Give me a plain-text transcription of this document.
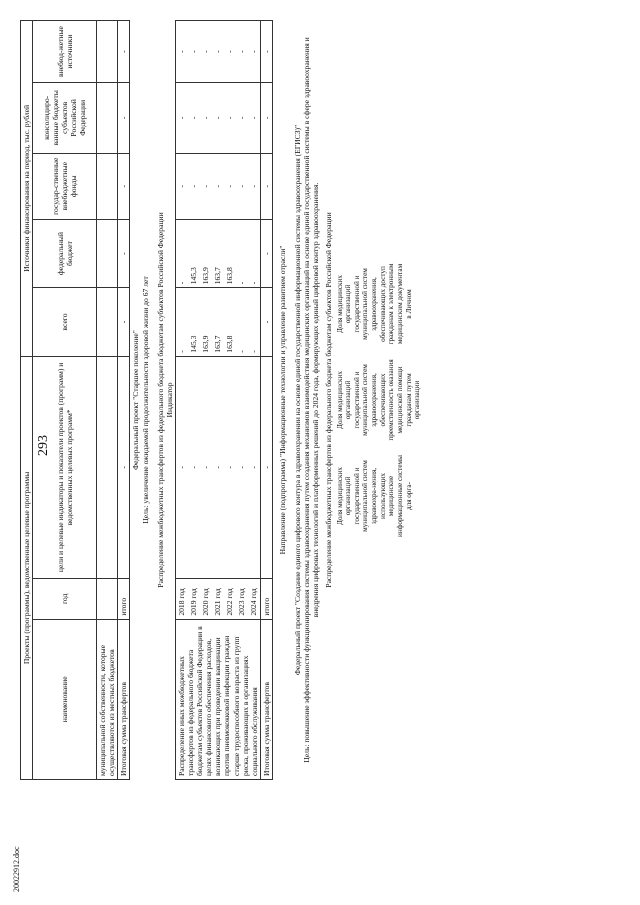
293
20022912.doc
Проекты (программы), ведомственные целевые программы	Источники финансирования на период, тыс. рублей
наименование	год	цели и целевые индикаторы и показатели проектов (программ) и ведомственных целевых программ*	всего	федеральный бюджет	государ-ственные внебюджетные фонды	консолидиро-ванные бюджеты субъектов Российской Федерации	внебюд-жетные источники
муниципальной собственности, которые осуществляются из местных бюджетов							
Итоговая сумма трансфертов	итого	-	-	-	-	-	-

Федеральный проект "Старшее поколение" Цель: увеличение ожидаемой продолжительности здоровой жизни до 67 лет Распределение межбюджетных трансфертов из федерального бюджета бюджетам субъектов Российской Федерации Индикатор

Распределение иных межбюджетных трансфертов из федерального бюджета бюджетам субъектов Российской Федерации в целях финансового обеспечения расходов, возникающих при проведении вакцинации против пневмококковой инфекции граждан старше трудоспособного возраста из групп риска, проживающих в организациях социального обслуживания	2018 год	-	-	-	-	-	-
2019 год	-	145,3	145,3	-	-	-
2020 год	-	163,9	163,9	-	-	-
2021 год	-	163,7	163,7	-	-	-
2022 год	-	163,8	163,8	-	-	-
2023 год	-	-	-	-	-	-
2024 год	-	-	-	-	-	-
Итоговая сумма трансфертов	итого	-	-	-	-	-	-

Направление (подпрограмма) "Информационные технологии и управление развитием отрасли" Федеральный проект "Создание единого цифрового контура в здравоохранении на основе единой государственной информационной системы здравоохранения (ЕГИСЗ)" Цель: повышение эффективности функционирования системы здравоохранения путем создания механизмов взаимодействия медицинских организаций на основе единой государственной системы в сфере здравоохранения и внедрения цифровых технологий и платформенных решений до 2024 года, формирующих единый цифровой контур здравоохранения. Распределение межбюджетных трансфертов из федерального бюджета бюджетам субъектов Российской Федерации Доля медицинских организаций государственной и муниципальной систем здравоохра-нения, использующих медицинские информационные системы для орга-	Доля медицинских организаций государственной и муниципальной систем здравоохранения, обеспечивающих преемственность оказания медицинской помощи гражданам путем организации	Доля медицинских организаций государственной и муниципальной систем здравоохранения, обеспечивающих доступ гражданам к электронным медицинским документам в Личном
